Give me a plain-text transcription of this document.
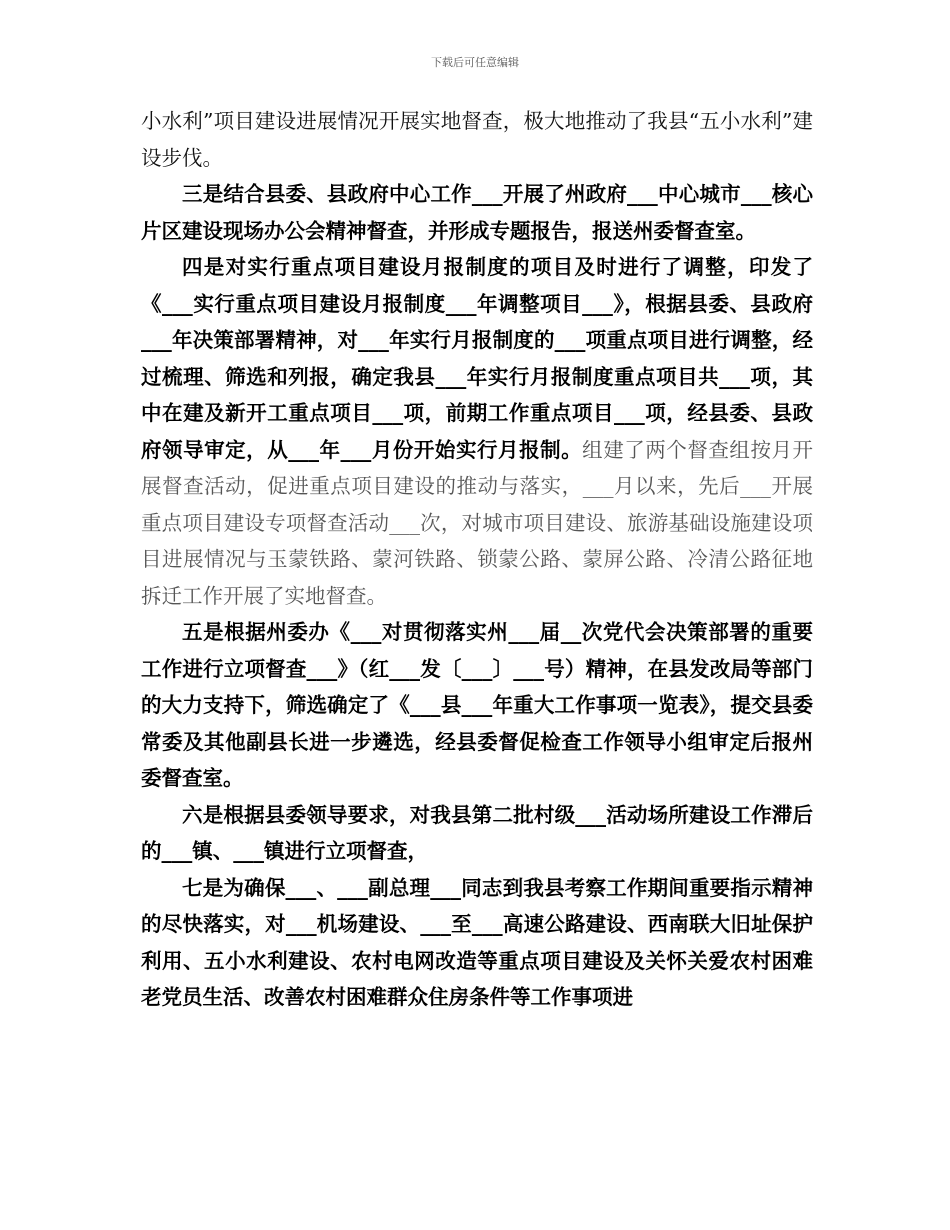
下载后可任意编辑

小水利”项目建设进展情况开展实地督查，极大地推动了我县“五小水利”建设步伐。

三是结合县委、县政府中心工作___开展了州政府___中心城市___核心片区建设现场办公会精神督查，并形成专题报告，报送州委督查室。

四是对实行重点项目建设月报制度的项目及时进行了调整，印发了《___实行重点项目建设月报制度___年调整项目___》，根据县委、县政府___年决策部署精神，对___年实行月报制度的___项重点项目进行调整，经过梳理、筛选和列报，确定我县___年实行月报制度重点项目共___项，其中在建及新开工重点项目___项，前期工作重点项目___项，经县委、县政府领导审定，从___年___月份开始实行月报制。组建了两个督查组按月开展督查活动，促进重点项目建设的推动与落实，___月以来，先后___开展重点项目建设专项督查活动___次，对城市项目建设、旅游基础设施建设项目进展情况与玉蒙铁路、蒙河铁路、锁蒙公路、蒙屏公路、冷清公路征地拆迁工作开展了实地督查。

五是根据州委办《___对贯彻落实州___届__次党代会决策部署的重要工作进行立项督查___》（红___发〔___〕___号）精神，在县发改局等部门的大力支持下，筛选确定了《___县___年重大工作事项一览表》，提交县委常委及其他副县长进一步遴选，经县委督促检查工作领导小组审定后报州委督查室。

六是根据县委领导要求，对我县第二批村级___活动场所建设工作滞后的___镇、___镇进行立项督查，

七是为确保___、___副总理___同志到我县考察工作期间重要指示精神的尽快落实，对___机场建设、___至___高速公路建设、西南联大旧址保护利用、五小水利建设、农村电网改造等重点项目建设及关怀关爱农村困难老党员生活、改善农村困难群众住房条件等工作事项进
